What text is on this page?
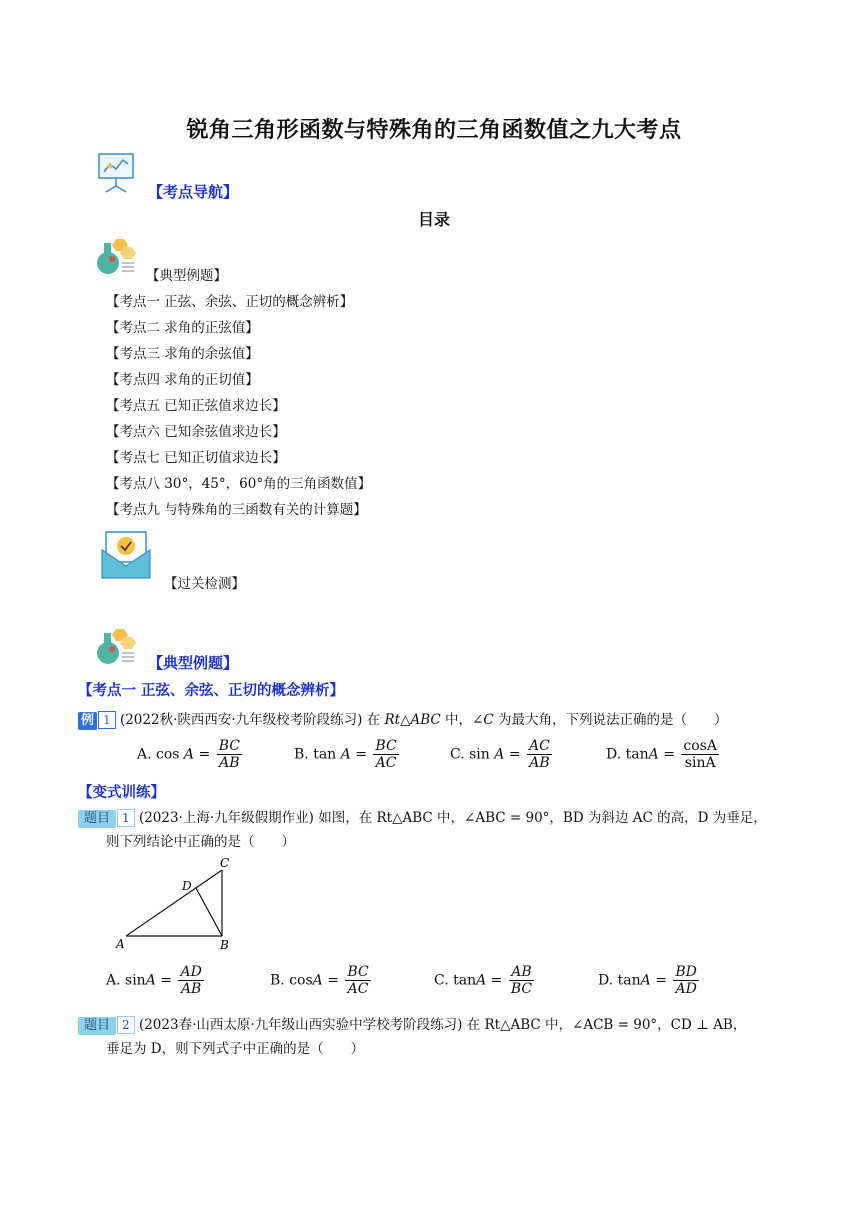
锐角三角形函数与特殊角的三角函数值之九大考点
【考点导航】
目录
【典型例题】
【考点一 正弦、余弦、正切的概念辨析】
【考点二 求角的正弦值】
【考点三 求角的余弦值】
【考点四 求角的正切值】
【考点五 已知正弦值求边长】
【考点六 已知余弦值求边长】
【考点七 已知正切值求边长】
【考点八 30°，45°，60°角的三角函数值】
【考点九 与特殊角的三函数有关的计算题】
【过关检测】
【典型例题】
【考点一 正弦、余弦、正切的概念辨析】
例 1 (2022秋·陕西西安·九年级校考阶段练习) 在 Rt△ABC 中，∠C 为最大角，下列说法正确的是（　　）
A. $\cos A = \frac{BC}{AB}$	B. $\tan A = \frac{BC}{AC}$	C. $\sin A = \frac{AC}{AB}$	D. $\tan A = \frac{\cos A}{\sin A}$
【变式训练】
题目 1 (2023·上海·九年级假期作业) 如图，在 Rt△ABC 中，∠ABC = 90°，BD 为斜边 AC 的高，D 为垂足，
则下列结论中正确的是（　　）
A	B
C
D
A. $\sin A = \frac{AD}{AB}$	B. $\cos A = \frac{BC}{AC}$	C. $\tan A = \frac{AB}{BC}$	D. $\tan A = \frac{BD}{AD}$
题目 2 (2023春·山西太原·九年级山西实验中学校考阶段练习) 在 Rt△ABC 中，∠ACB = 90°，CD ⊥ AB，
垂足为 D，则下列式子中正确的是（　　）
